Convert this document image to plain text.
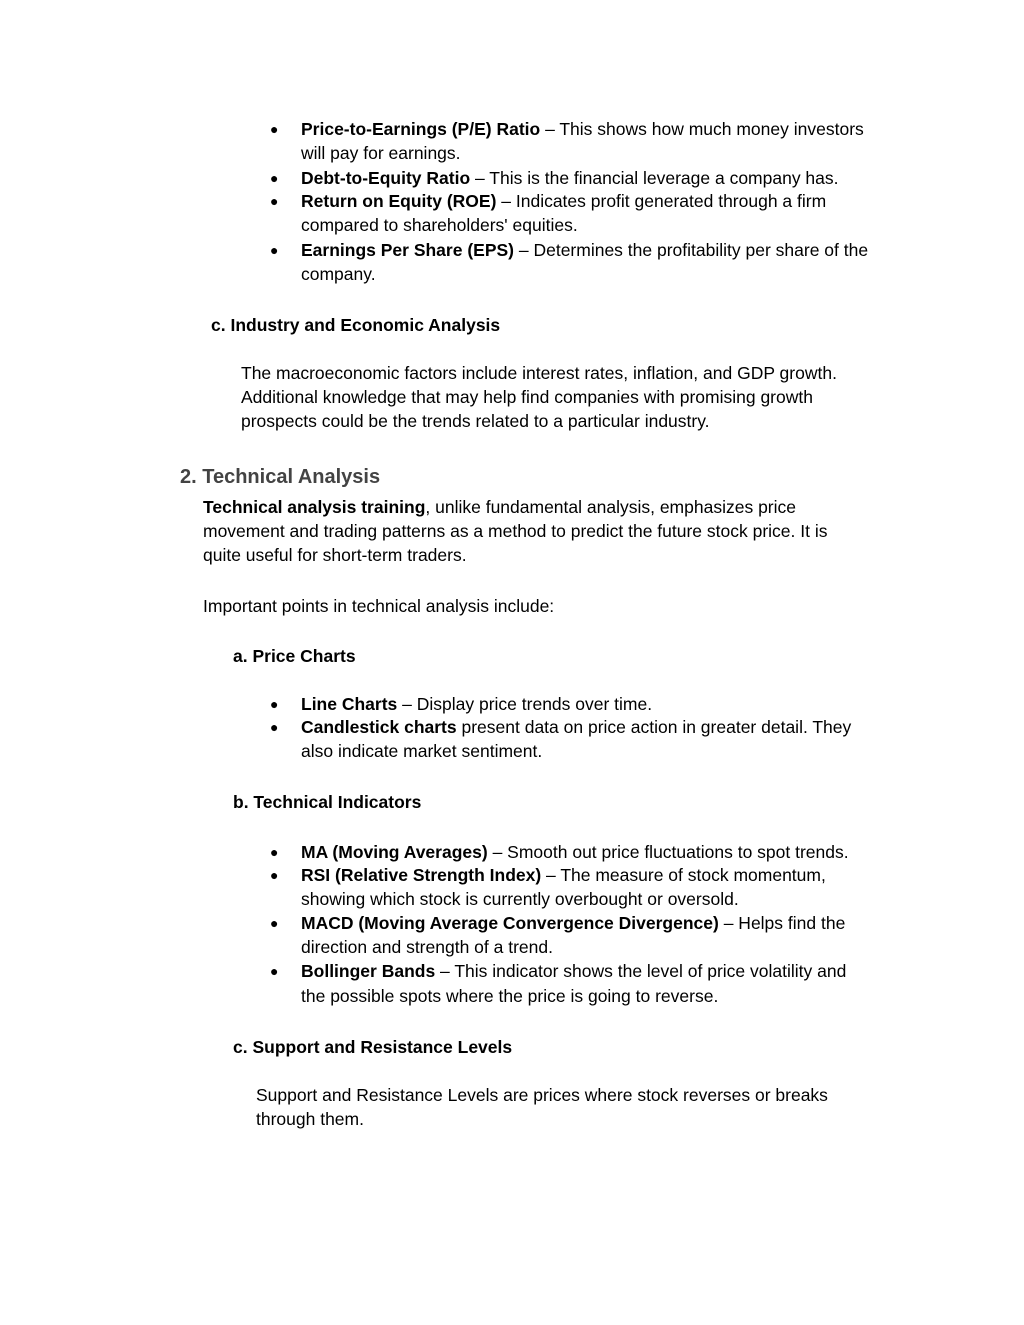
● Price-to-Earnings (P/E) Ratio – This shows how much money investors
will pay for earnings.
● Debt-to-Equity Ratio – This is the financial leverage a company has.
● Return on Equity (ROE) – Indicates profit generated through a firm
compared to shareholders' equities.
● Earnings Per Share (EPS) – Determines the profitability per share of the
company.
c. Industry and Economic Analysis
The macroeconomic factors include interest rates, inflation, and GDP growth.
Additional knowledge that may help find companies with promising growth
prospects could be the trends related to a particular industry.
2. Technical Analysis
Technical analysis training, unlike fundamental analysis, emphasizes price
movement and trading patterns as a method to predict the future stock price. It is
quite useful for short-term traders.
Important points in technical analysis include:
a. Price Charts
● Line Charts – Display price trends over time.
● Candlestick charts present data on price action in greater detail. They
also indicate market sentiment.
b. Technical Indicators
● MA (Moving Averages) – Smooth out price fluctuations to spot trends.
● RSI (Relative Strength Index) – The measure of stock momentum,
showing which stock is currently overbought or oversold.
● MACD (Moving Average Convergence Divergence) – Helps find the
direction and strength of a trend.
● Bollinger Bands – This indicator shows the level of price volatility and
the possible spots where the price is going to reverse.
c. Support and Resistance Levels
Support and Resistance Levels are prices where stock reverses or breaks
through them.
